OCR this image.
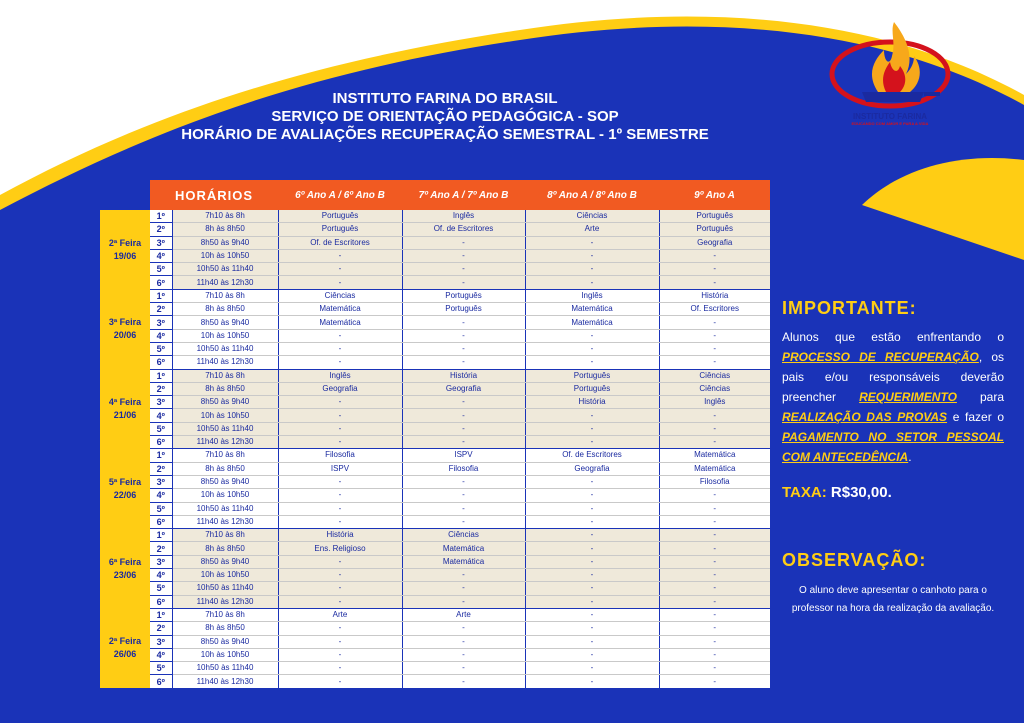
INSTITUTO FARINA DO BRASIL
SERVIÇO DE ORIENTAÇÃO PEDAGÓGICA - SOP
HORÁRIO DE AVALIAÇÕES RECUPERAÇÃO SEMESTRAL - 1º SEMESTRE
INSTITUTO FARINA
EDUCANDO COM AMOR E PARA A VIDA
	HORÁRIOS		6º Ano A / 6º Ano B	7º Ano A / 7º Ano B	8º Ano A / 8º Ano B	9º Ano A

2ª Feira
19/06	1º	7h10 às 8h	Português	Inglês	Ciências	Português
	2º	8h às 8h50	Português	Of. de Escritores	Arte	Português
	3º	8h50 às 9h40	Of. de Escritores	-	-	Geografia
	4º	10h às 10h50	-	-	-	-
	5º	10h50 às 11h40	-	-	-	-
	6º	11h40 às 12h30	-	-	-	-

3ª Feira
20/06	1º	7h10 às 8h	Ciências	Português	Inglês	História
	2º	8h às 8h50	Matemática	Português	Matemática	Of. Escritores
	3º	8h50 às 9h40	Matemática	-	Matemática	-
	4º	10h às 10h50	-	-	-	-
	5º	10h50 às 11h40	-	-	-	-
	6º	11h40 às 12h30	-	-	-	-

4ª Feira
21/06	1º	7h10 às 8h	Inglês	História	Português	Ciências
	2º	8h às 8h50	Geografia	Geografia	Português	Ciências
	3º	8h50 às 9h40	-	-	História	Inglês
	4º	10h às 10h50	-	-	-	-
	5º	10h50 às 11h40	-	-	-	-
	6º	11h40 às 12h30	-	-	-	-

5ª Feira
22/06	1º	7h10 às 8h	Filosofia	ISPV	Of. de Escritores	Matemática
	2º	8h às 8h50	ISPV	Filosofia	Geografia	Matemática
	3º	8h50 às 9h40	-	-	-	Filosofia
	4º	10h às 10h50	-	-	-	-
	5º	10h50 às 11h40	-	-	-	-
	6º	11h40 às 12h30	-	-	-	-

6ª Feira
23/06	1º	7h10 às 8h	História	Ciências	-	-
	2º	8h às 8h50	Ens. Religioso	Matemática	-	-
	3º	8h50 às 9h40	-	Matemática	-	-
	4º	10h às 10h50	-	-	-	-
	5º	10h50 às 11h40	-	-	-	-
	6º	11h40 às 12h30	-	-	-	-

2ª Feira
26/06	1º	7h10 às 8h	Arte	Arte	-	-
	2º	8h às 8h50	-	-	-	-
	3º	8h50 às 9h40	-	-	-	-
	4º	10h às 10h50	-	-	-	-
	5º	10h50 às 11h40	-	-	-	-
	6º	11h40 às 12h30	-	-	-	-
IMPORTANTE:
Alunos que estão enfrentando o PROCESSO DE RECUPERAÇÃO, os pais e/ou responsáveis deverão preencher REQUERIMENTO para REALIZAÇÃO DAS PROVAS e fazer o PAGAMENTO NO SETOR PESSOAL COM ANTECEDÊNCIA.
TAXA: R$30,00.
OBSERVAÇÃO:
O aluno deve apresentar o canhoto para o professor na hora da realização da avaliação.
